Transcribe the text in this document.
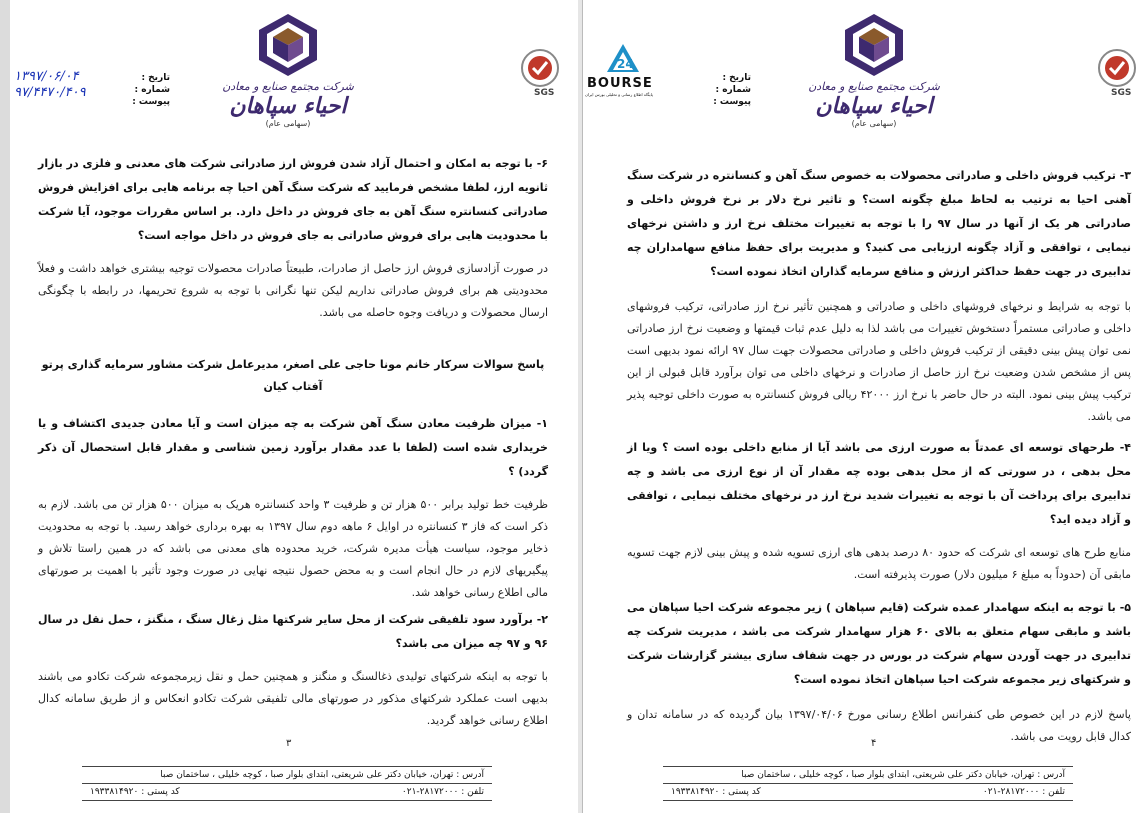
شرکت مجتمع صنایع و معادن
احیاء سپاهان
(سهامی عام)
SGS
تاریخ :
شماره :
پیوست :
۱۳۹۷/۰۶/۰۴
۹۷/۴۴۷۰/۴۰۹

۶- با توجه به امکان و احتمال آزاد شدن فروش ارز صادراتی شرکت های معدنی و فلزی در بازار ثانویه ارز، لطفا مشخص فرمایید که شرکت سنگ آهن احیا چه برنامه هایی برای افزایش فروش صادراتی کنسانتره سنگ آهن به جای فروش در داخل دارد. بر اساس مقررات موجود، آیا شرکت با محدودیت هایی برای فروش صادراتی به جای فروش در داخل مواجه است؟

در صورت آزادسازی فروش ارز حاصل از صادرات، طبیعتاً صادرات محصولات توجیه بیشتری خواهد داشت و فعلاً محدودیتی هم برای فروش صادراتی نداریم لیکن تنها نگرانی با توجه به شروع تحریمها، در رابطه با چگونگی ارسال محصولات و دریافت وجوه حاصله می باشد.

پاسخ سوالات سرکار خانم مونا حاجی علی اصغر، مدیرعامل شرکت مشاور سرمایه گذاری پرتو آفتاب کیان

۱- میزان ظرفیت معادن سنگ آهن شرکت به چه میزان است و آیا معادن جدیدی اکتشاف و یا خریداری شده است (لطفا با عدد مقدار برآورد زمین شناسی و مقدار قابل استحصال آن ذکر گردد) ؟

ظرفیت خط تولید برابر ۵۰۰ هزار تن و ظرفیت ۳ واحد کنسانتره هریک به میزان ۵۰۰ هزار تن می باشد. لازم به ذکر است که فاز ۳ کنسانتره در اوایل ۶ ماهه دوم سال ۱۳۹۷ به بهره برداری خواهد رسید. با توجه به محدودیت ذخایر موجود، سیاست هیأت مدیره شرکت، خرید محدوده های معدنی می باشد که در همین راستا تلاش و پیگیریهای لازم در حال انجام است و به محض حصول نتیجه نهایی در صورت وجود تأثیر با اهمیت بر صورتهای مالی اطلاع رسانی خواهد شد.

۲- برآورد سود تلفیقی شرکت از محل سایر شرکتها مثل زغال سنگ ، منگنز ، حمل نقل در سال ۹۶ و ۹۷ چه میزان می باشد؟

با توجه به اینکه شرکتهای تولیدی ذغالسنگ و منگنز و همچنین حمل و نقل زیرمجموعه شرکت تکادو می باشند بدیهی است عملکرد شرکتهای مذکور در صورتهای مالی تلفیقی شرکت تکادو انعکاس و از طریق سامانه کدال اطلاع رسانی خواهد گردید.

۳
آدرس : تهران، خیابان دکتر علی شریعتی، ابتدای بلوار صبا ، کوچه خلیلی ، ساختمان صبا
تلفن : ۲۸۱۷۲۰۰۰-۰۲۱
کد پستی : ۱۹۳۳۸۱۴۹۲۰
24
BOURSE
پایگاه اطلاع رسانی و تحلیلی بورس ایران
شرکت مجتمع صنایع و معادن
احیاء سپاهان
(سهامی عام)
SGS
تاریخ :
شماره :
پیوست :

۳- ترکیب فروش داخلی و صادراتی محصولات به خصوص سنگ آهن و کنسانتره در شرکت سنگ آهنی احیا به ترتیب به لحاظ مبلغ چگونه است؟ و تاثیر نرخ دلار بر نرخ فروش داخلی و صادراتی هر یک از آنها در سال ۹۷ را با توجه به تغییرات مختلف نرخ ارز و داشتن نرخهای نیمایی ، توافقی و آزاد چگونه ارزیابی می کنید؟ و مدیریت برای حفظ منافع سهامداران چه تدابیری در جهت حفظ حداکثر ارزش و منافع سرمایه گذاران اتخاذ نموده است؟

با توجه به شرایط و نرخهای فروشهای داخلی و صادراتی و همچنین تأثیر نرخ ارز صادراتی، ترکیب فروشهای داخلی و صادراتی مستمراً دستخوش تغییرات می باشد لذا به دلیل عدم ثبات قیمتها و وضعیت نرخ ارز صادراتی نمی توان پیش بینی دقیقی از ترکیب فروش داخلی و صادراتی محصولات جهت سال ۹۷ ارائه نمود بدیهی است پس از مشخص شدن وضعیت نرخ ارز حاصل از صادرات و نرخهای داخلی می توان برآورد قابل قبولی از این ترکیب پیش بینی نمود. البته در حال حاضر با نرخ ارز ۴۲۰۰۰ ریالی فروش کنسانتره به صورت داخلی توجیه پذیر می باشد.

۴- طرحهای توسعه ای عمدتاً به صورت ارزی می باشد آیا از منابع داخلی بوده است ؟ ویا از محل بدهی ، در سورتی که از محل بدهی بوده چه مقدار آن از نوع ارزی می باشد و چه تدابیری برای پرداخت آن با توجه به تغییرات شدید نرخ ارز در نرخهای مختلف نیمایی ، توافقی و آزاد دیده اید؟

منابع طرح های توسعه ای شرکت که حدود ۸۰ درصد بدهی های ارزی تسویه شده و پیش بینی لازم جهت تسویه مابقی آن (حدوداً به مبلغ ۶ میلیون دلار) صورت پذیرفته است.

۵- با توجه به اینکه سهامدار عمده شرکت (قایم سپاهان ) زیر مجموعه شرکت احیا سپاهان می باشد و مابقی سهام متعلق به بالای ۶۰ هزار سهامدار شرکت می باشد ، مدیریت شرکت چه تدابیری در جهت آوردن سهام شرکت در بورس در جهت شفاف سازی بیشتر گزارشات شرکت و شرکتهای زیر مجموعه شرکت احیا سپاهان اتخاذ نموده است؟

پاسخ لازم در این خصوص طی کنفرانس اطلاع رسانی مورخ ۱۳۹۷/۰۴/۰۶ بیان گردیده که در سامانه تدان و کدال قابل رویت می باشد.

۴
آدرس : تهران، خیابان دکتر علی شریعتی، ابتدای بلوار صبا ، کوچه خلیلی ، ساختمان صبا
تلفن : ۲۸۱۷۲۰۰۰-۰۲۱
کد پستی : ۱۹۳۳۸۱۴۹۲۰
